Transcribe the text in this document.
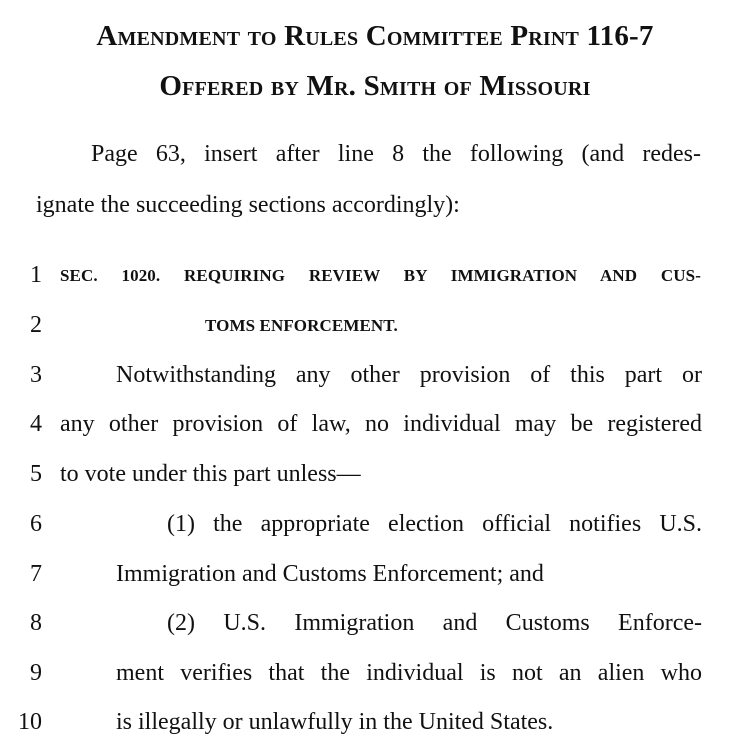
Amendment to Rules Committee Print 116-7
Offered by Mr. Smith of Missouri
Page 63, insert after line 8 the following (and redes-
ignate the succeeding sections accordingly):
1 SEC. 1020. REQUIRING REVIEW BY IMMIGRATION AND CUS-
2	TOMS ENFORCEMENT.
3	Notwithstanding any other provision of this part or
4 any other provision of law, no individual may be registered
5 to vote under this part unless—
6	(1) the appropriate election official notifies U.S.
7	Immigration and Customs Enforcement; and
8	(2) U.S. Immigration and Customs Enforce-
9	ment verifies that the individual is not an alien who
10	is illegally or unlawfully in the United States.
